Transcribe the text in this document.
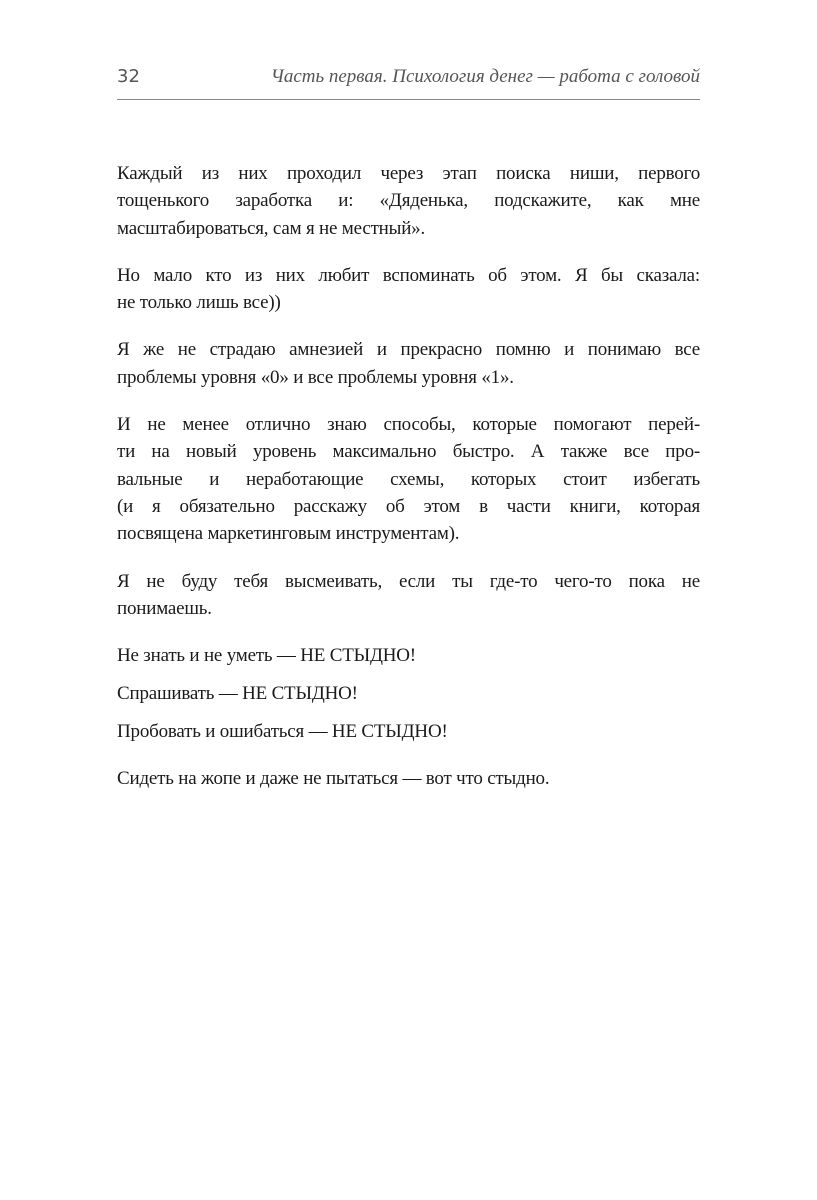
32	Часть первая. Психология денег — работа с головой

Каждый из них проходил через этап поиска ниши, первого
тощенького заработка и: «Дяденька, подскажите, как мне
масштабироваться, сам я не местный».

Но мало кто из них любит вспоминать об этом. Я бы сказала:
не только лишь все))

Я же не страдаю амнезией и прекрасно помню и понимаю все
проблемы уровня «0» и все проблемы уровня «1».

И не менее отлично знаю способы, которые помогают перей-
ти на новый уровень максимально быстро. А также все про-
вальные и неработающие схемы, которых стоит избегать
(и я обязательно расскажу об этом в части книги, которая
посвящена маркетинговым инструментам).

Я не буду тебя высмеивать, если ты где-то чего-то пока не
понимаешь.

Не знать и не уметь — НЕ СТЫДНО!

Спрашивать — НЕ СТЫДНО!

Пробовать и ошибаться — НЕ СТЫДНО!

Сидеть на жопе и даже не пытаться — вот что стыдно.
